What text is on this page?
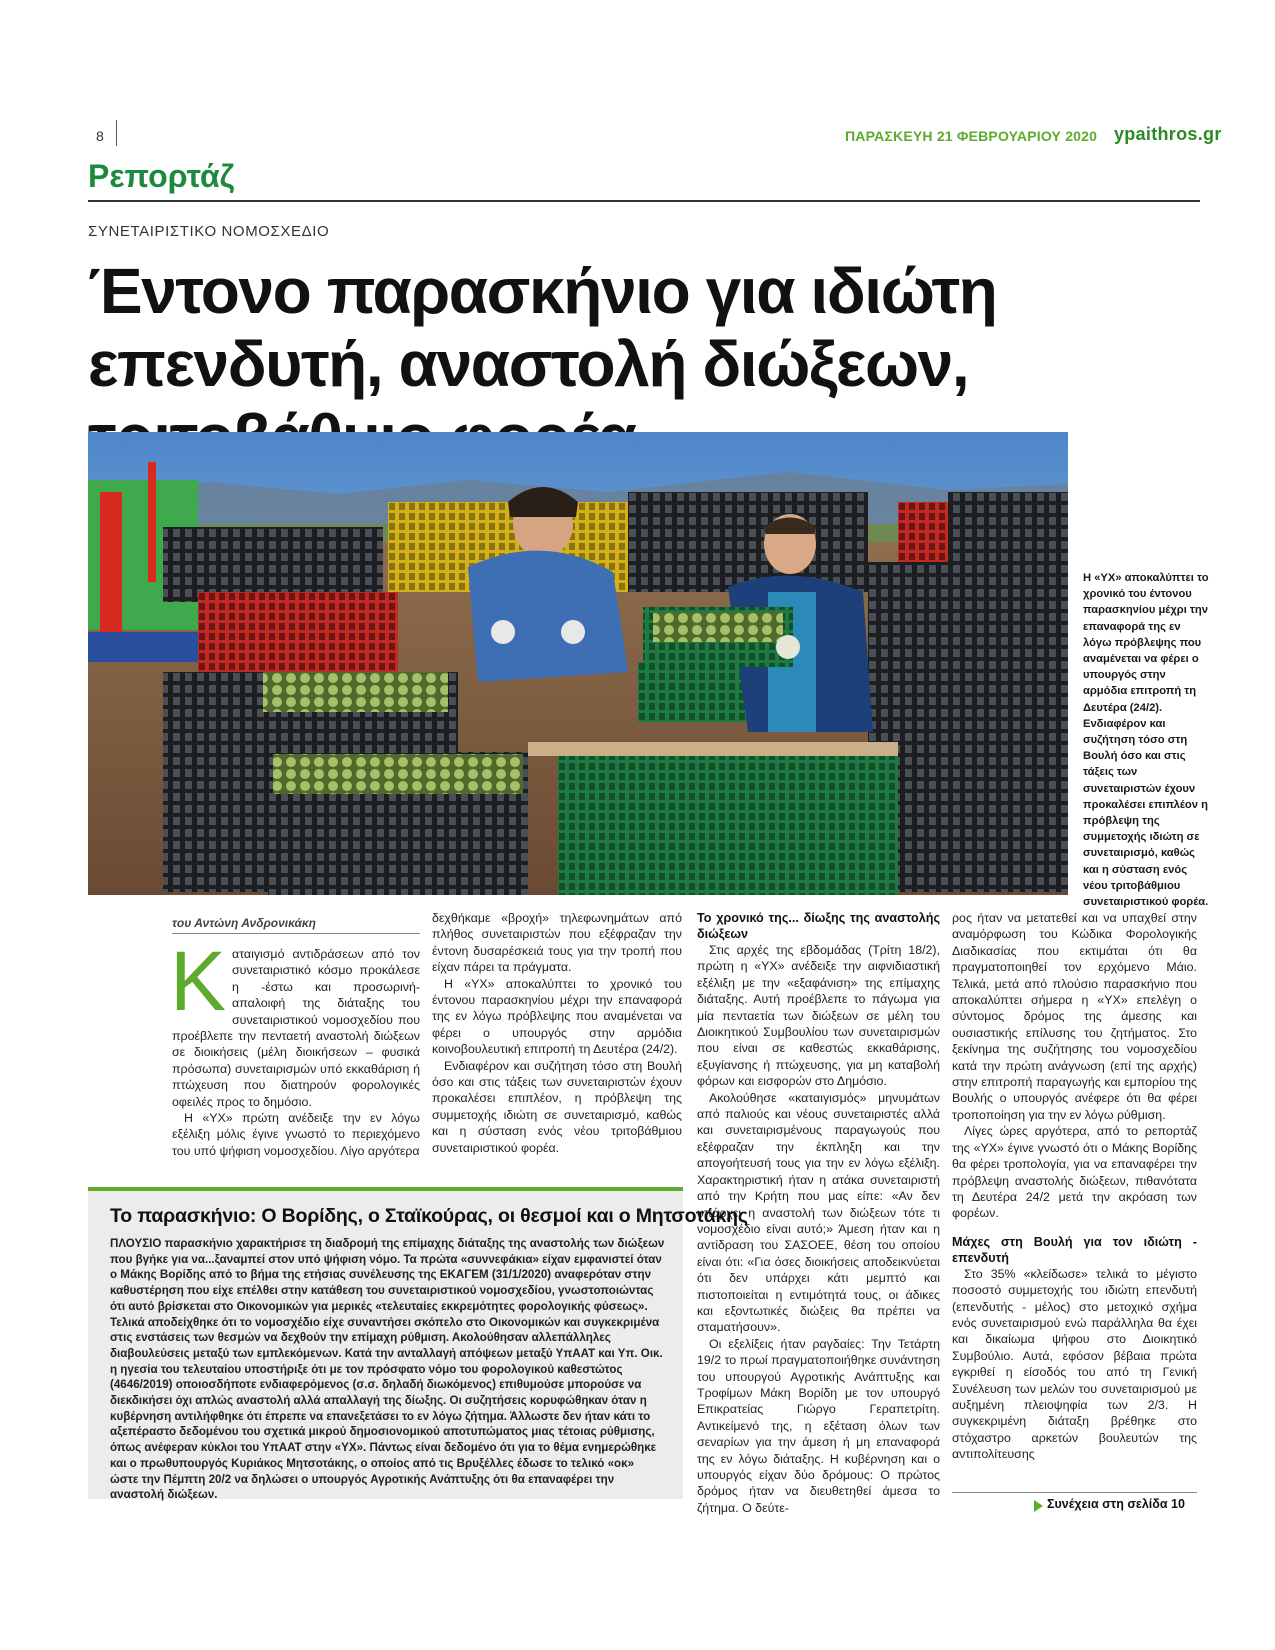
8	ΠΑΡΑΣΚΕΥΗ 21 ΦΕΒΡΟΥΑΡΙΟΥ 2020 ypaithros.gr
Ρεπορτάζ
ΣΥΝΕΤΑΙΡΙΣΤΙΚΟ ΝΟΜΟΣΧΕΔΙΟ
Έντονο παρασκήνιο για ιδιώτη επενδυτή, αναστολή διώξεων,
Η «ΥΧ» αποκαλύπτει το χρονικό του έντονου παρασκηνίου μέχρι την επαναφορά της εν λόγω πρόβλεψης που αναμένεται να φέρει ο υπουργός στην αρμόδια επιτροπή τη Δευτέρα (24/2). Ενδιαφέρον και συζήτηση τόσο στη Βουλή όσο και στις τάξεις των συνεταιριστών έχουν προκαλέσει επιπλέον η πρόβλεψη της συμμετοχής ιδιώτη σε συνεταιρισμό, καθώς και η σύσταση ενός νέου τριτοβάθμιου συνεταιριστικού φορέα.
του Αντώνη Ανδρονικάκη

Καταιγισμό αντιδράσεων από τον συνεταιριστικό κόσμο προκάλεσε η -έστω και προσωρινή- απαλοιφή της διάταξης του συνεταιριστικού νομοσχεδίου που προέβλεπε την πενταετή αναστολή διώξεων σε διοικήσεις (μέλη διοικήσεων – φυσικά πρόσωπα) συνεταιρισμών υπό εκκαθάριση ή πτώχευση που διατηρούν φορολογικές οφειλές προς το δημόσιο.

Η «ΥΧ» πρώτη ανέδειξε την εν λόγω εξέλιξη μόλις έγινε γνωστό το περιεχόμενο του υπό ψήφιση νομοσχεδίου. Λίγο αργότερα

δεχθήκαμε «βροχή» τηλεφωνημάτων από πλήθος συνεταιριστών που εξέφραζαν την έντονη δυσαρέσκειά τους για την τροπή που είχαν πάρει τα πράγματα.

Η «ΥΧ» αποκαλύπτει το χρονικό του έντονου παρασκηνίου μέχρι την επαναφορά της εν λόγω πρόβλεψης που αναμένεται να φέρει ο υπουργός στην αρμόδια κοινοβουλευτική επιτροπή τη Δευτέρα (24/2).

Ενδιαφέρον και συζήτηση τόσο στη Βουλή όσο και στις τάξεις των συνεταιριστών έχουν προκαλέσει επιπλέον, η πρόβλεψη της συμμετοχής ιδιώτη σε συνεταιρισμό, καθώς και η σύσταση ενός νέου τριτοβάθμιου συνεταιριστικού φορέα.

Το χρονικό της... δίωξης της αναστολής διώξεων

Στις αρχές της εβδομάδας (Τρίτη 18/2), πρώτη η «ΥΧ» ανέδειξε την αιφνιδιαστική εξέλιξη με την «εξαφάνιση» της επίμαχης διάταξης. Αυτή προέβλεπε το πάγωμα για μία πενταετία των διώξεων σε μέλη του Διοικητικού Συμβουλίου των συνεταιρισμών που είναι σε καθεστώς εκκαθάρισης, εξυγίανσης ή πτώχευσης, για μη καταβολή φόρων και εισφορών στο Δημόσιο.

Ακολούθησε «καταιγισμός» μηνυμάτων από παλιούς και νέους συνεταιριστές αλλά και συνεταιρισμένους παραγωγούς που εξέφραζαν την έκπληξη και την απογοήτευσή τους για την εν λόγω εξέλιξη. Χαρακτηριστική ήταν η ατάκα συνεταιριστή από την Κρήτη που μας είπε: «Αν δεν υπάρχει η αναστολή των διώξεων τότε τι νομοσχέδιο είναι αυτό;» Άμεση ήταν και η αντίδραση του ΣΑΣΟΕΕ, θέση του οποίου είναι ότι: «Για όσες διοικήσεις αποδεικνύεται ότι δεν υπάρχει κάτι μεμπτό και πιστοποιείται η εντιμότητά τους, οι άδικες και εξοντωτικές διώξεις θα πρέπει να σταματήσουν».

Οι εξελίξεις ήταν ραγδαίες: Την Τετάρτη 19/2 το πρωί πραγματοποιήθηκε συνάντηση του υπουργού Αγροτικής Ανάπτυξης και Τροφίμων Μάκη Βορίδη με τον υπουργό Επικρατείας Γιώργο Γεραπετρίτη. Αντικείμενό της, η εξέταση όλων των σεναρίων για την άμεση ή μη επαναφορά της εν λόγω διάταξης. Η κυβέρνηση και ο υπουργός είχαν δύο δρόμους: Ο πρώτος δρόμος ήταν να διευθετηθεί άμεσα το ζήτημα. Ο δεύτε-

ρος ήταν να μετατεθεί και να υπαχθεί στην αναμόρφωση του Κώδικα Φορολογικής Διαδικασίας που εκτιμάται ότι θα πραγματοποιηθεί τον ερχόμενο Μάιο. Τελικά, μετά από πλούσιο παρασκήνιο που αποκαλύπτει σήμερα η «ΥΧ» επελέγη ο σύντομος δρόμος της άμεσης και ουσιαστικής επίλυσης του ζητήματος. Στο ξεκίνημα της συζήτησης του νομοσχεδίου κατά την πρώτη ανάγνωση (επί της αρχής) στην επιτροπή παραγωγής και εμπορίου της Βουλής ο υπουργός ανέφερε ότι θα φέρει τροποποίηση για την εν λόγω ρύθμιση.

Λίγες ώρες αργότερα, από το ρεπορτάζ της «ΥΧ» έγινε γνωστό ότι ο Μάκης Βορίδης θα φέρει τροπολογία, για να επαναφέρει την πρόβλεψη αναστολής διώξεων, πιθανότατα τη Δευτέρα 24/2 μετά την ακρόαση των φορέων.

Μάχες στη Βουλή για τον ιδιώτη - επενδυτή

Στο 35% «κλείδωσε» τελικά το μέγιστο ποσοστό συμμετοχής του ιδιώτη επενδυτή (επενδυτής - μέλος) στο μετοχικό σχήμα ενός συνεταιρισμού ενώ παράλληλα θα έχει και δικαίωμα ψήφου στο Διοικητικό Συμβούλιο. Αυτά, εφόσον βέβαια πρώτα εγκριθεί η είσοδός του από τη Γενική Συνέλευση των μελών του συνεταιρισμού με αυξημένη πλειοψηφία των 2/3. Η συγκεκριμένη διάταξη βρέθηκε στο στόχαστρο αρκετών βουλευτών της αντιπολίτευσης

Το παρασκήνιο: Ο Βορίδης, ο Σταϊκούρας, οι θεσμοί και ο Μητσοτάκης
ΠΛΟΥΣΙΟ παρασκήνιο χαρακτήρισε τη διαδρομή της επίμαχης διάταξης της αναστολής των διώξεων που βγήκε για να...ξαναμπεί στον υπό ψήφιση νόμο. Τα πρώτα «συννεφάκια» είχαν εμφανιστεί όταν ο Μάκης Βορίδης από το βήμα της ετήσιας συνέλευσης της ΕΚΑΓΕΜ (31/1/2020) αναφερόταν στην καθυστέρηση που είχε επέλθει στην κατάθεση του συνεταιριστικού νομοσχεδίου, γνωστοποιώντας ότι αυτό βρίσκεται στο Οικονομικών για μερικές «τελευταίες εκκρεμότητες φορολογικής φύσεως». Τελικά αποδείχθηκε ότι το νομοσχέδιο είχε συναντήσει σκόπελο στο Οικονομικών και συγκεκριμένα στις ενστάσεις των θεσμών να δεχθούν την επίμαχη ρύθμιση. Ακολούθησαν αλλεπάλληλες διαβουλεύσεις μεταξύ των εμπλεκόμενων. Κατά την ανταλλαγή απόψεων μεταξύ ΥπΑΑΤ και Υπ. Οικ. η ηγεσία του τελευταίου υποστήριξε ότι με τον πρόσφατο νόμο του φορολογικού καθεστώτος (4646/2019) οποιοσδήποτε ενδιαφερόμενος (σ.σ. δηλαδή διωκόμενος) επιθυμούσε μπορούσε να διεκδικήσει όχι απλώς αναστολή αλλά απαλλαγή της δίωξης. Οι συζητήσεις κορυφώθηκαν όταν η κυβέρνηση αντιλήφθηκε ότι έπρεπε να επανεξετάσει το εν λόγω ζήτημα. Άλλωστε δεν ήταν κάτι το αξεπέραστο δεδομένου του σχετικά μικρού δημοσιονομικού αποτυπώματος μιας τέτοιας ρύθμισης, όπως ανέφεραν κύκλοι του ΥπΑΑΤ στην «ΥΧ». Πάντως είναι δεδομένο ότι για το θέμα ενημερώθηκε και ο πρωθυπουργός Κυριάκος Μητσοτάκης, ο οποίος από τις Βρυξέλλες έδωσε το τελικό «οκ» ώστε την Πέμπτη 20/2 να δηλώσει ο υπουργός Αγροτικής Ανάπτυξης ότι θα επαναφέρει την αναστολή διώξεων.
Συνέχεια στη σελίδα 10
